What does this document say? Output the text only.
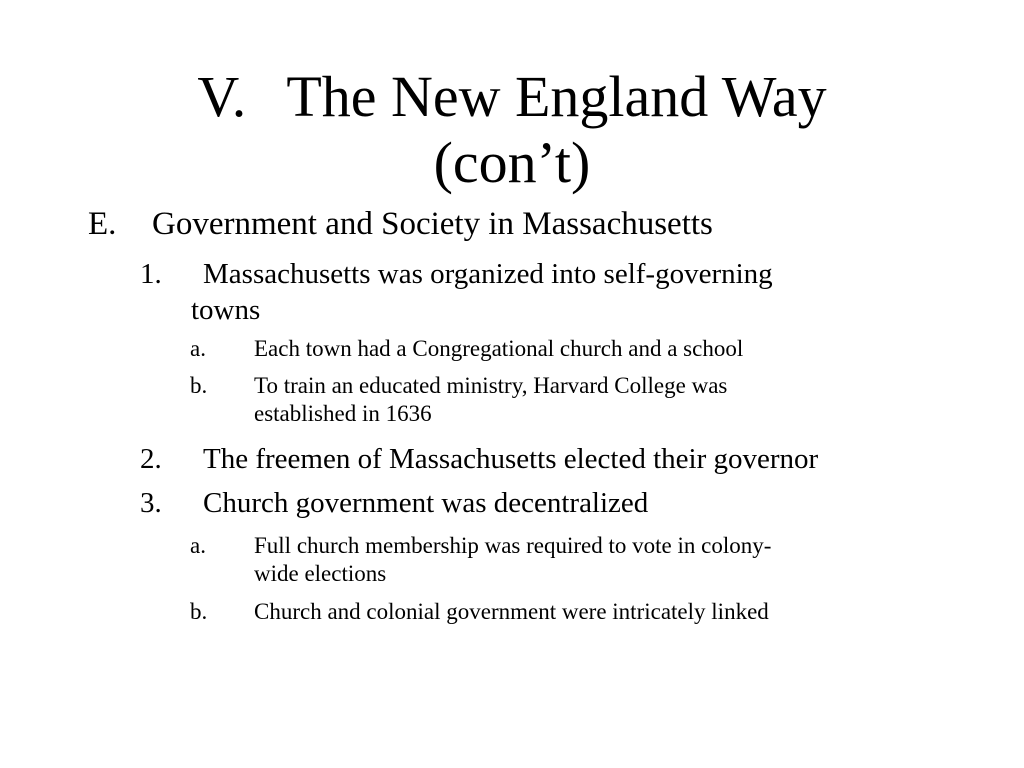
V. The New England Way
(con’t)
E. Government and Society in Massachusetts
1. Massachusetts was organized into self-governing
towns
a. Each town had a Congregational church and a school
b. To train an educated ministry, Harvard College was
established in 1636
2. The freemen of Massachusetts elected their governor
3. Church government was decentralized
a. Full church membership was required to vote in colony-
wide elections
b. Church and colonial government were intricately linked
